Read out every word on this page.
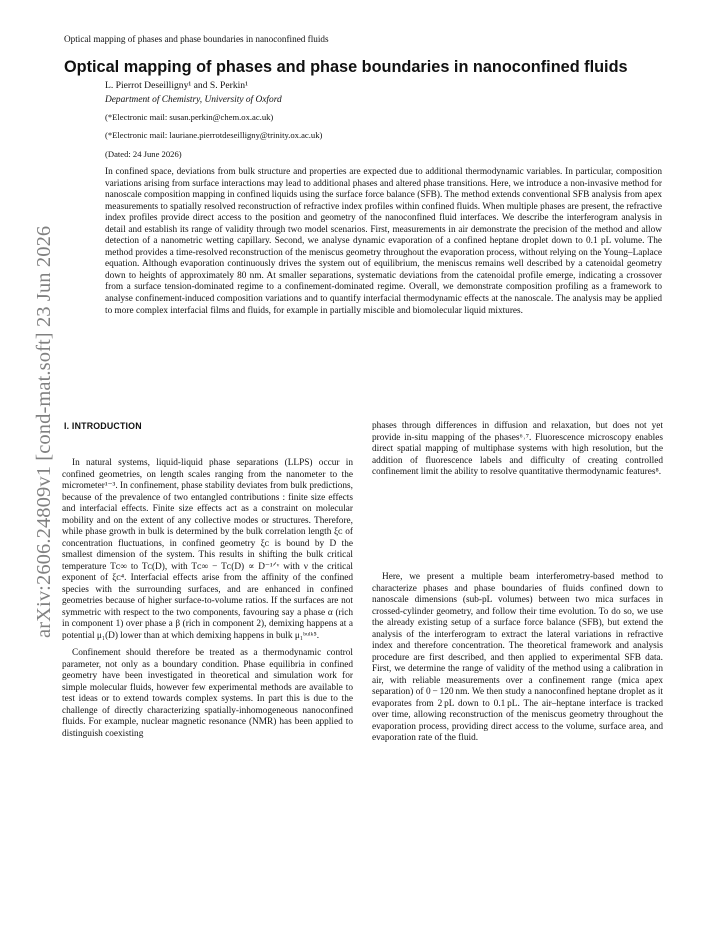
Optical mapping of phases and phase boundaries in nanoconfined fluids
Optical mapping of phases and phase boundaries in nanoconfined fluids
L. Pierrot Deseilligny¹ and S. Perkin¹
Department of Chemistry, University of Oxford
(*Electronic mail: susan.perkin@chem.ox.ac.uk)
(*Electronic mail: lauriane.pierrotdeseilligny@trinity.ox.ac.uk)
(Dated: 24 June 2026)

In confined space, deviations from bulk structure and properties are expected due to additional thermodynamic variables. In particular, composition variations arising from surface interactions may lead to additional phases and altered phase transitions. Here, we introduce a non-invasive method for nanoscale composition mapping in confined liquids using the surface force balance (SFB). The method extends conventional SFB analysis from apex measurements to spatially resolved reconstruction of refractive index profiles within confined fluids. When multiple phases are present, the refractive index profiles provide direct access to the position and geometry of the nanoconfined fluid interfaces. We describe the interferogram analysis in detail and establish its range of validity through two model scenarios. First, measurements in air demonstrate the precision of the method and allow detection of a nanometric wetting capillary. Second, we analyse dynamic evaporation of a confined heptane droplet down to 0.1 pL volume. The method provides a time-resolved reconstruction of the meniscus geometry throughout the evaporation process, without relying on the Young–Laplace equation. Although evaporation continuously drives the system out of equilibrium, the meniscus remains well described by a catenoidal geometry down to heights of approximately 80 nm. At smaller separations, systematic deviations from the catenoidal profile emerge, indicating a crossover from a surface tension-dominated regime to a confinement-dominated regime. Overall, we demonstrate composition profiling as a framework to analyse confinement-induced composition variations and to quantify interfacial thermodynamic effects at the nanoscale. The analysis may be applied to more complex interfacial films and fluids, for example in partially miscible and biomolecular liquid mixtures.

I. INTRODUCTION

In natural systems, liquid-liquid phase separations (LLPS) occur in confined geometries, on length scales ranging from the nanometer to the micrometer¹⁻³. In confinement, phase stability deviates from bulk predictions, because of the prevalence of two entangled contributions : finite size effects and interfacial effects. Finite size effects act as a constraint on molecular mobility and on the extent of any collective modes or structures. Therefore, while phase growth in bulk is determined by the bulk correlation length ξᴄ of concentration fluctuations, in confined geometry ξᴄ is bound by D the smallest dimension of the system. This results in shifting the bulk critical temperature Tᴄ∞ to Tᴄ(D), with Tᴄ∞ − Tᴄ(D) ∝ D⁻¹ᐟᵛ with ν the critical exponent of ξᴄ⁴. Interfacial effects arise from the affinity of the confined species with the surrounding surfaces, and are enhanced in confined geometries because of higher surface-to-volume ratios. If the surfaces are not symmetric with respect to the two components, favouring say a phase α (rich in component 1) over phase a β (rich in component 2), demixing happens at a potential μ₁(D) lower than at which demixing happens in bulk μ₁ᵇᵘˡᵏ⁵.

Confinement should therefore be treated as a thermodynamic control parameter, not only as a boundary condition. Phase equilibria in confined geometry have been investigated in theoretical and simulation work for simple molecular fluids, however few experimental methods are available to test ideas or to extend towards complex systems. In part this is due to the challenge of directly characterizing spatially-inhomogeneous nanoconfined fluids. For example, nuclear magnetic resonance (NMR) has been applied to distinguish coexisting

phases through differences in diffusion and relaxation, but does not yet provide in-situ mapping of the phases⁶˒⁷. Fluorescence microscopy enables direct spatial mapping of multiphase systems with high resolution, but the addition of fluorescence labels and difficulty of creating controlled confinement limit the ability to resolve quantitative thermodynamic features⁸.

Here, we present a multiple beam interferometry-based method to characterize phases and phase boundaries of fluids confined down to nanoscale dimensions (sub-pL volumes) between two mica surfaces in crossed-cylinder geometry, and follow their time evolution. To do so, we use the already existing setup of a surface force balance (SFB), but extend the analysis of the interferogram to extract the lateral variations in refractive index and therefore concentration. The theoretical framework and analysis procedure are first described, and then applied to experimental SFB data. First, we determine the range of validity of the method using a calibration in air, with reliable measurements over a confinement range (mica apex separation) of 0 − 120 nm. We then study a nanoconfined heptane droplet as it evaporates from 2 pL down to 0.1 pL. The air–heptane interface is tracked over time, allowing reconstruction of the meniscus geometry throughout the evaporation process, providing direct access to the volume, surface area, and evaporation rate of the fluid.

arXiv:2606.24809v1 [cond-mat.soft] 23 Jun 2026
